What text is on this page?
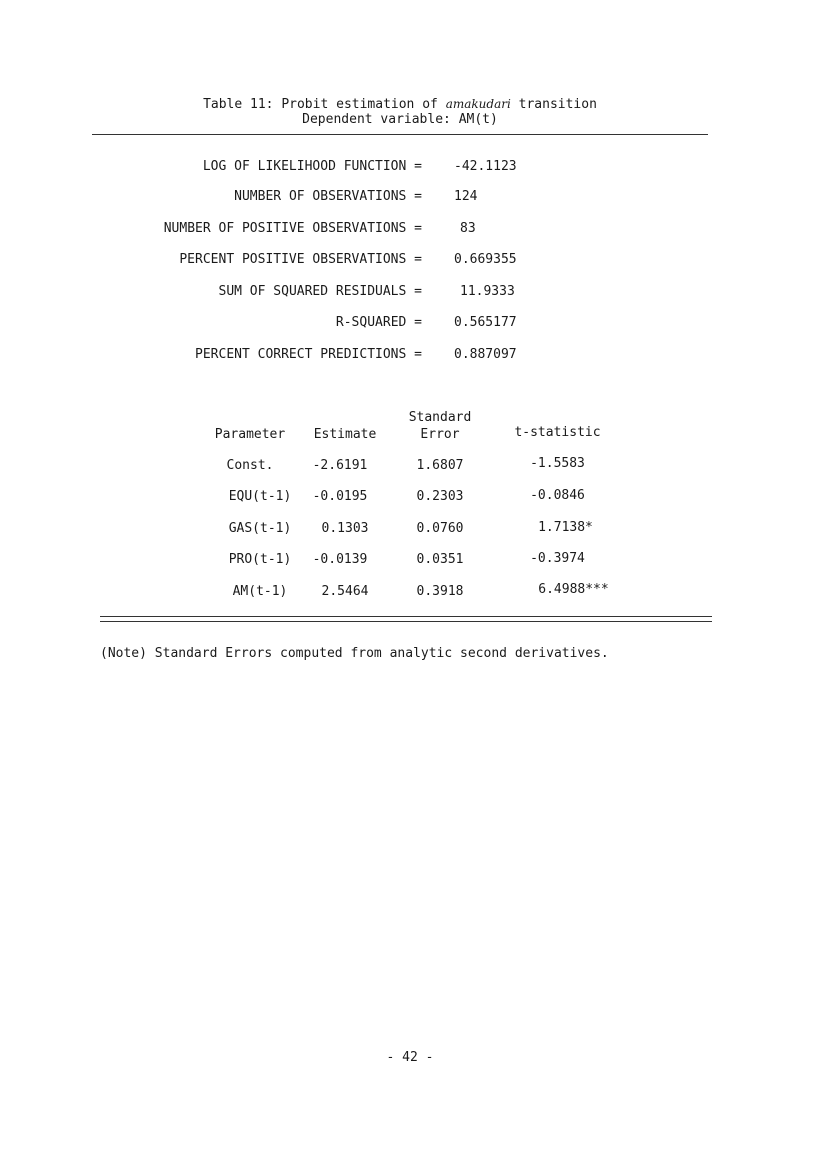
Table 11: Probit estimation of amakudari transition
Dependent variable: AM(t)
LOG OF LIKELIHOOD FUNCTION = -42.1123
NUMBER OF OBSERVATIONS = 124
NUMBER OF POSITIVE OBSERVATIONS =	83
PERCENT POSITIVE OBSERVATIONS = 0.669355
SUM OF SQUARED RESIDUALS =	11.9333
R-SQUARED = 0.565177
PERCENT CORRECT PREDICTIONS = 0.887097
Standard
Parameter	Estimate	Error	t-statistic
Const.	-2.6191	1.6807	-1.5583
EQU(t-1)	-0.0195	0.2303	-0.0846
GAS(t-1)	0.1303	0.0760	1.7138*
PRO(t-1)	-0.0139	0.0351	-0.3974
AM(t-1)	2.5464	0.3918	6.4988***
(Note) Standard Errors computed from analytic second derivatives.
- 42 -
